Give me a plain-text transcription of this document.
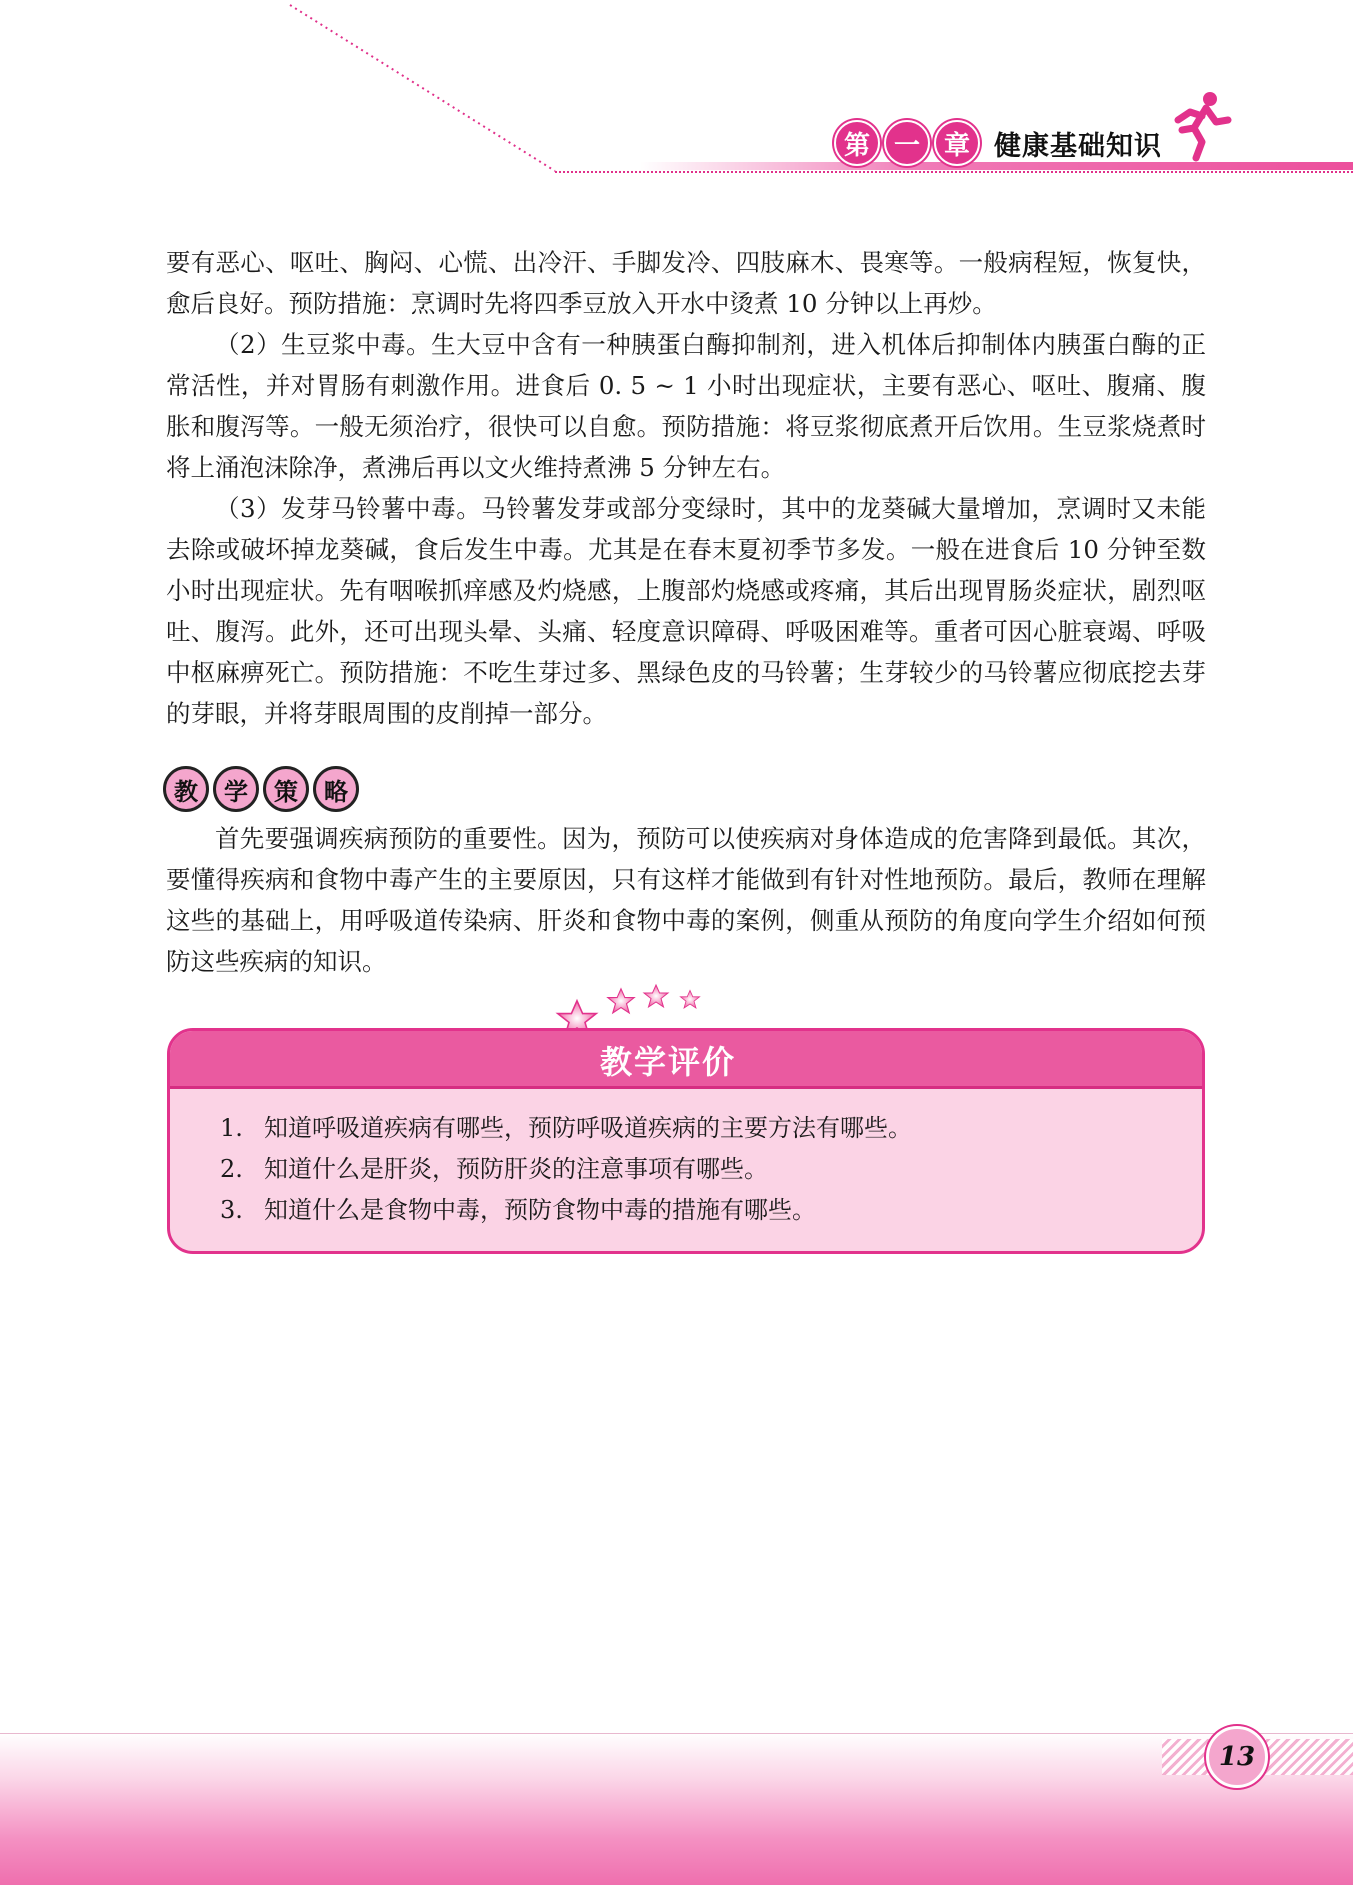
第 一 章 健康基础知识

要有恶心、呕吐、胸闷、心慌、出冷汗、手脚发冷、四肢麻木、畏寒等。一般病程短，恢复快，愈后良好。预防措施：烹调时先将四季豆放入开水中烫煮 10 分钟以上再炒。

（2）生豆浆中毒。生大豆中含有一种胰蛋白酶抑制剂，进入机体后抑制体内胰蛋白酶的正常活性，并对胃肠有刺激作用。进食后 0. 5 ~ 1 小时出现症状，主要有恶心、呕吐、腹痛、腹胀和腹泻等。一般无须治疗，很快可以自愈。预防措施：将豆浆彻底煮开后饮用。生豆浆烧煮时将上涌泡沫除净，煮沸后再以文火维持煮沸 5 分钟左右。

（3）发芽马铃薯中毒。马铃薯发芽或部分变绿时，其中的龙葵碱大量增加，烹调时又未能去除或破坏掉龙葵碱，食后发生中毒。尤其是在春末夏初季节多发。一般在进食后 10 分钟至数小时出现症状。先有咽喉抓痒感及灼烧感，上腹部灼烧感或疼痛，其后出现胃肠炎症状，剧烈呕吐、腹泻。此外，还可出现头晕、头痛、轻度意识障碍、呼吸困难等。重者可因心脏衰竭、呼吸中枢麻痹死亡。预防措施：不吃生芽过多、黑绿色皮的马铃薯；生芽较少的马铃薯应彻底挖去芽的芽眼，并将芽眼周围的皮削掉一部分。

教	学	策	略

首先要强调疾病预防的重要性。因为，预防可以使疾病对身体造成的危害降到最低。其次，要懂得疾病和食物中毒产生的主要原因，只有这样才能做到有针对性地预防。最后，教师在理解这些的基础上，用呼吸道传染病、肝炎和食物中毒的案例，侧重从预防的角度向学生介绍如何预防这些疾病的知识。

教学评价
1. 知道呼吸道疾病有哪些，预防呼吸道疾病的主要方法有哪些。
2. 知道什么是肝炎，预防肝炎的注意事项有哪些。
3. 知道什么是食物中毒，预防食物中毒的措施有哪些。
13
